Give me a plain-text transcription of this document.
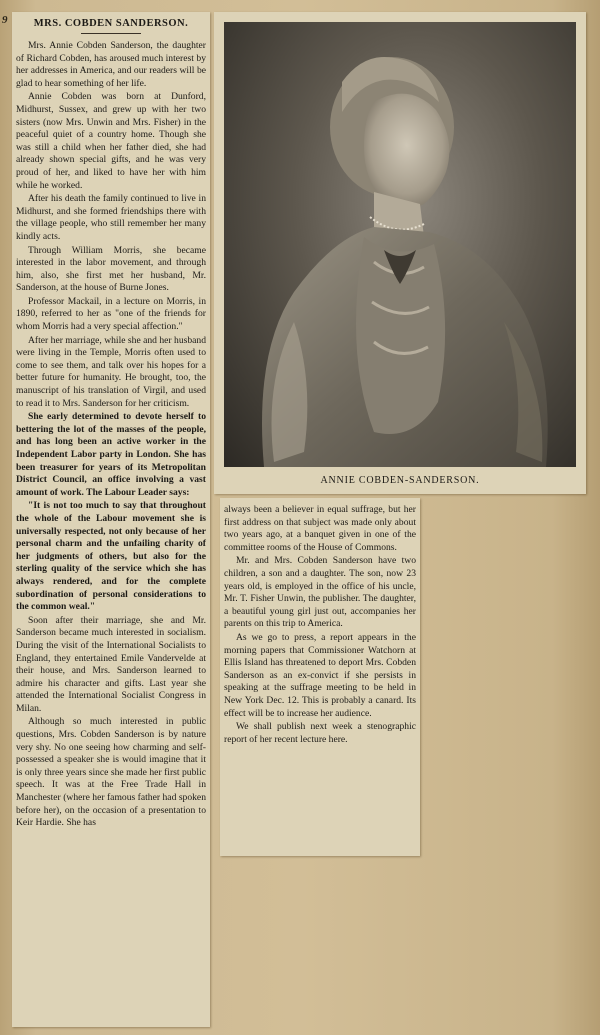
9	MRS. COBDEN SANDERSON.

Mrs. Annie Cobden Sanderson, the daughter of Richard Cobden, has aroused much interest by her addresses in America, and our readers will be glad to hear something of her life.

Annie Cobden was born at Dunford, Midhurst, Sussex, and grew up with her two sisters (now Mrs. Unwin and Mrs. Fisher) in the peaceful quiet of a country home. Though she was still a child when her father died, she had already shown special gifts, and he was very proud of her, and liked to have her with him while he worked.

After his death the family continued to live in Midhurst, and she formed friendships there with the village people, who still remember her many kindly acts.

Through William Morris, she became interested in the labor movement, and through him, also, she first met her husband, Mr. Sanderson, at the house of Burne Jones.

Professor Mackail, in a lecture on Morris, in 1890, referred to her as "one of the friends for whom Morris had a very special affection."

After her marriage, while she and her husband were living in the Temple, Morris often used to come to see them, and talk over his hopes for a better future for humanity. He brought, too, the manuscript of his translation of Virgil, and used to read it to Mrs. Sanderson for her criticism.

She early determined to devote herself to bettering the lot of the masses of the people, and has long been an active worker in the Independent Labor party in London. She has been treasurer for years of its Metropolitan District Council, an office involving a vast amount of work. The Labour Leader says:

"It is not too much to say that throughout the whole of the Labour movement she is universally respected, not only because of her personal charm and the unfailing charity of her judgments of others, but also for the sterling quality of the service which she has always rendered, and for the complete subordination of personal considerations to the common weal."

Soon after their marriage, she and Mr. Sanderson became much interested in socialism. During the visit of the International Socialists to England, they entertained Emile Vandervelde at their house, and Mrs. Sanderson learned to admire his character and gifts. Last year she attended the International Socialist Congress in Milan.

Although so much interested in public questions, Mrs. Cobden Sanderson is by nature very shy. No one seeing how charming and self-possessed a speaker she is would imagine that it is only three years since she made her first public speech. It was at the Free Trade Hall in Manchester (where her famous father had spoken before her), on the occasion of a presentation to Keir Hardie. She has

ANNIE COBDEN-SANDERSON.

always been a believer in equal suffrage, but her first address on that subject was made only about two years ago, at a banquet given in one of the committee rooms of the House of Commons.

Mr. and Mrs. Cobden Sanderson have two children, a son and a daughter. The son, now 23 years old, is employed in the office of his uncle, Mr. T. Fisher Unwin, the publisher. The daughter, a beautiful young girl just out, accompanies her parents on this trip to America.

As we go to press, a report appears in the morning papers that Commissioner Watchorn at Ellis Island has threatened to deport Mrs. Cobden Sanderson as an ex-convict if she persists in speaking at the suffrage meeting to be held in New York Dec. 12. This is probably a canard. Its effect will be to increase her audience.

We shall publish next week a stenographic report of her recent lecture here.
